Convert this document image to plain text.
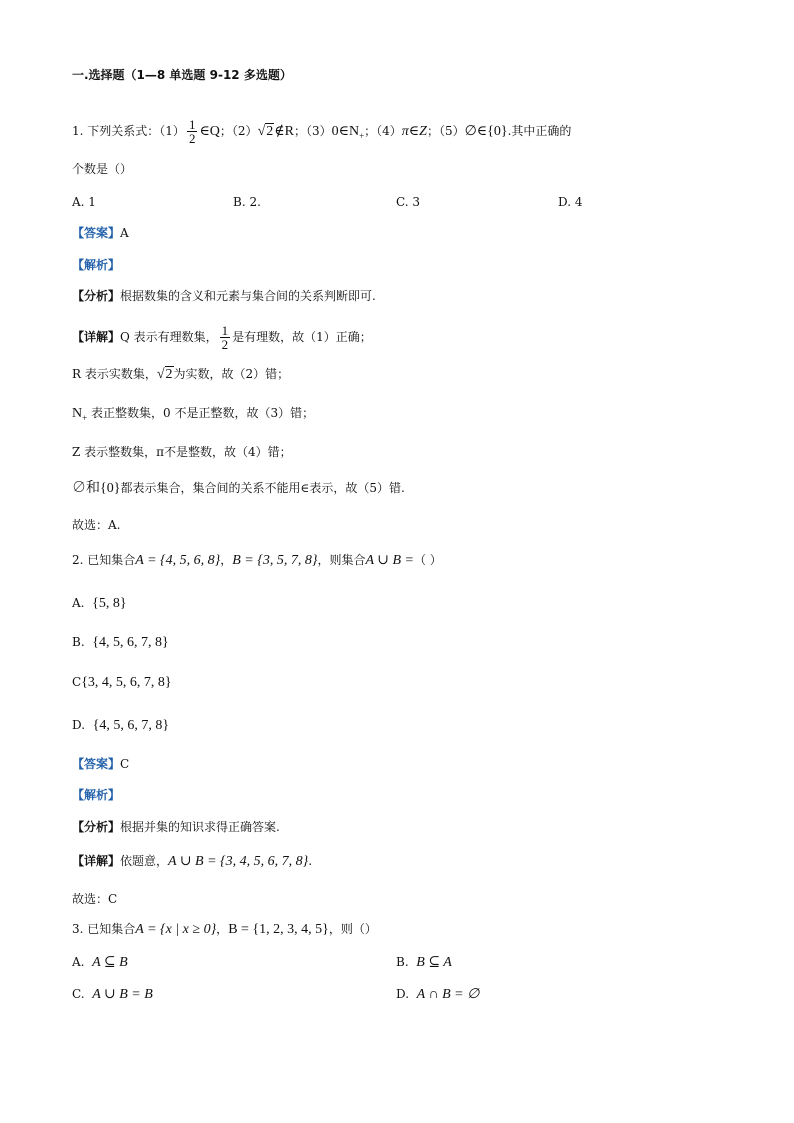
一.选择题（1—8 单选题 9-12 多选题）
1. 下列关系式：$(1) \frac{1}{2}$ ∈Q；（2）√2∉R；$(3)0\in N_+$；（4）π∈Z；（5）∅∈{0}.其中正确的
个数是（）
A. 1	B. 2.	C. 3	D. 4
【答案】A
【解析】
【分析】根据数集的含义和元素与集合间的关系判断即可.
【详解】Q 表示有理数集， $\frac{1}{2}$ 是有理数，故（1）正确；
R 表示实数集，√2为实数，故（2）错；
$N_+$ 表正整数集，0 不是正整数，故（3）错；
Z 表示整数集，π不是整数，故（4）错；
∅和{0}都表示集合，集合间的关系不能用∈表示，故（5）错.
故选：A.
2. 已知集合A = {4, 5, 6, 8}，B = {3, 5, 7, 8}，则集合A ∪ B =（ ）
A. {5, 8}
B. {4, 5, 6, 7, 8}
C{3, 4, 5, 6, 7, 8}
D. {4, 5, 6, 7, 8}
【答案】C
【解析】
【分析】根据并集的知识求得正确答案.
【详解】依题意，A ∪ B = {3, 4, 5, 6, 7, 8}.
故选：C
3. 已知集合A = {x | x ≥ 0}，B = {1, 2, 3, 4, 5}，则（）
A. A ⊆ B	B. B ⊆ A
C. A ∪ B = B	D. A ∩ B = ∅
